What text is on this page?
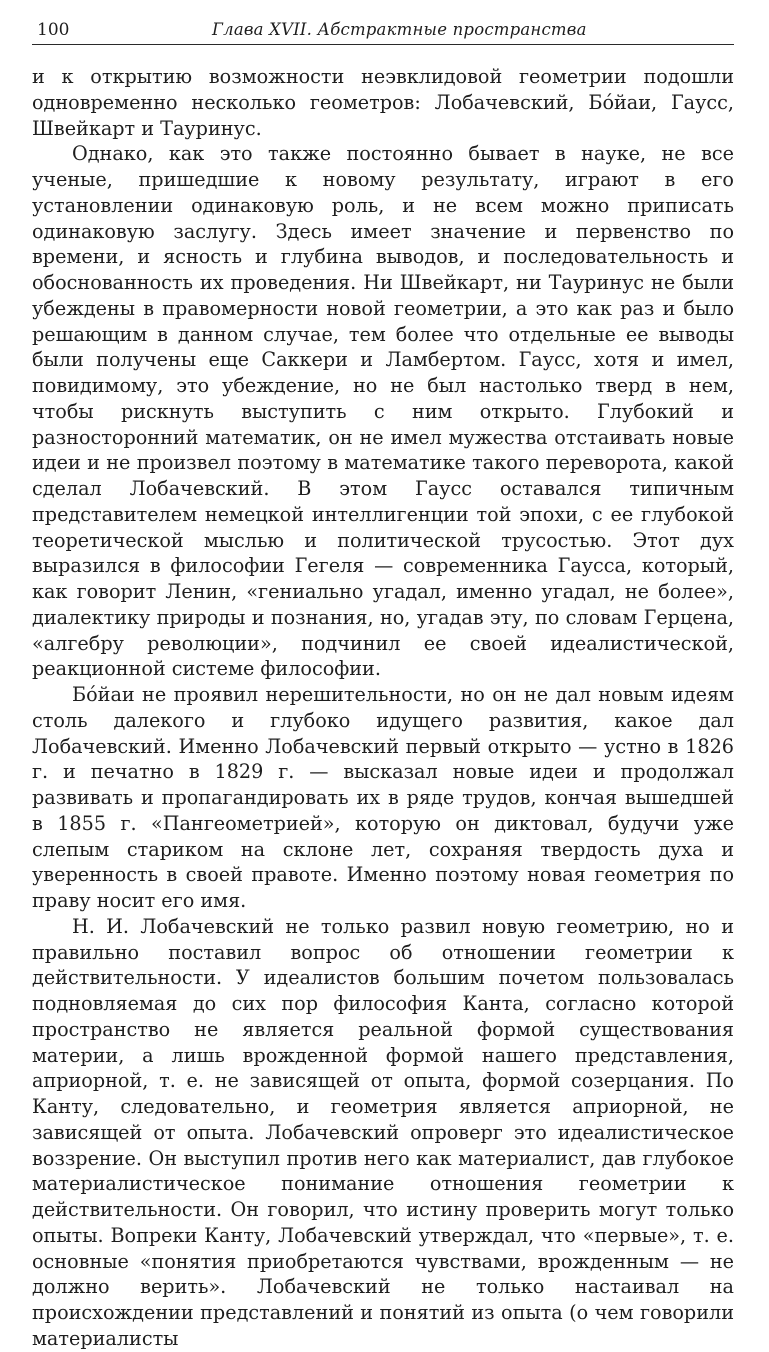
100	Глава XVII. Абстрактные пространства

и к открытию возможности неэвклидовой геометрии подошли одновременно несколько геометров: Лобачевский, Бóйаи, Гаусс, Швейкарт и Тауринус.

Однако, как это также постоянно бывает в науке, не все ученые, пришедшие к новому результату, играют в его установлении одинаковую роль, и не всем можно приписать одинаковую заслугу. Здесь имеет значение и первенство по времени, и ясность и глубина выводов, и последовательность и обоснованность их проведения. Ни Швейкарт, ни Тауринус не были убеждены в правомерности новой геометрии, а это как раз и было решающим в данном случае, тем более что отдельные ее выводы были получены еще Саккери и Ламбертом. Гаусс, хотя и имел, повидимому, это убеждение, но не был настолько тверд в нем, чтобы рискнуть выступить с ним открыто. Глубокий и разносторонний математик, он не имел мужества отстаивать новые идеи и не произвел поэтому в математике такого переворота, какой сделал Лобачевский. В этом Гаусс оставался типичным представителем немецкой интеллигенции той эпохи, с ее глубокой теоретической мыслью и политической трусостью. Этот дух выразился в философии Гегеля — современника Гаусса, который, как говорит Ленин, «гениально угадал, именно угадал, не более», диалектику природы и познания, но, угадав эту, по словам Герцена, «алгебру революции», подчинил ее своей идеалистической, реакционной системе философии.

Бóйаи не проявил нерешительности, но он не дал новым идеям столь далекого и глубоко идущего развития, какое дал Лобачевский. Именно Лобачевский первый открыто — устно в 1826 г. и печатно в 1829 г. — высказал новые идеи и продолжал развивать и пропагандировать их в ряде трудов, кончая вышедшей в 1855 г. «Пангеометрией», которую он диктовал, будучи уже слепым стариком на склоне лет, сохраняя твердость духа и уверенность в своей правоте. Именно поэтому новая геометрия по праву носит его имя.

Н. И. Лобачевский не только развил новую геометрию, но и правильно поставил вопрос об отношении геометрии к действительности. У идеалистов большим почетом пользовалась подновляемая до сих пор философия Канта, согласно которой пространство не является реальной формой существования материи, а лишь врожденной формой нашего представления, априорной, т. е. не зависящей от опыта, формой созерцания. По Канту, следовательно, и геометрия является априорной, не зависящей от опыта. Лобачевский опроверг это идеалистическое воззрение. Он выступил против него как материалист, дав глубокое материалистическое понимание отношения геометрии к действительности. Он говорил, что истину проверить могут только опыты. Вопреки Канту, Лобачевский утверждал, что «первые», т. е. основные «понятия приобретаются чувствами, врожденным — не должно верить». Лобачевский не только настаивал на происхождении представлений и понятий из опыта (о чем говорили материалисты
